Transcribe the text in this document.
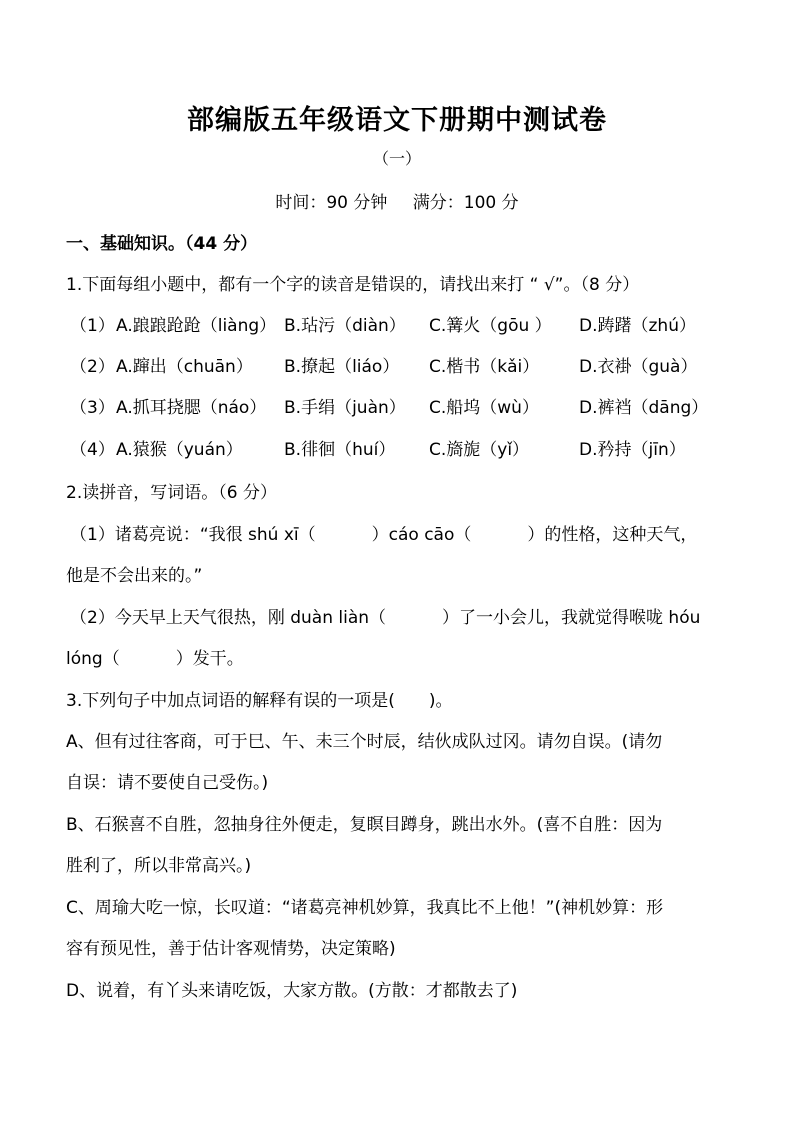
部编版五年级语文下册期中测试卷
（一）
时间：90 分钟 满分：100 分
一、基础知识。（44 分）
1.下面每组小题中，都有一个字的读音是错误的，请找出来打 “ √”。（8 分）
（1）A.踉踉跄跄（liàng） B.玷污（diàn） C.篝火（gōu ） D.踌躇（zhú）
（2）A.蹿出（chuān） B.撩起（liáo） C.楷书（kǎi） D.衣褂（guà）
（3）A.抓耳挠腮（náo） B.手绢（juàn） C.船坞（wù） D.裤裆（dāng）
（4）A.猿猴（yuán） B.徘徊（huí） C.旖旎（yǐ）	D.矜持（jīn）
2.读拼音，写词语。（6 分）
（1）诸葛亮说：“我很 shú xī（	）cáo cāo（	）的性格，这种天气，
他是不会出来的。”
（2）今天早上天气很热，刚 duàn liàn（	）了一小会儿，我就觉得喉咙 hóu
lóng（	）发干。
3.下列句子中加点词语的解释有误的一项是(　　)。
A、但有过往客商，可于巳、午、未三个时辰，结伙成队过冈。请勿自误。(请勿
自误：请不要使自己受伤。)
B、石猴喜不自胜，忽抽身往外便走，复瞑目蹲身，跳出水外。(喜不自胜：因为
胜利了，所以非常高兴。)
C、周瑜大吃一惊，长叹道：“诸葛亮神机妙算，我真比不上他！”(神机妙算：形
容有预见性，善于估计客观情势，决定策略)
D、说着，有丫头来请吃饭，大家方散。(方散：才都散去了)
